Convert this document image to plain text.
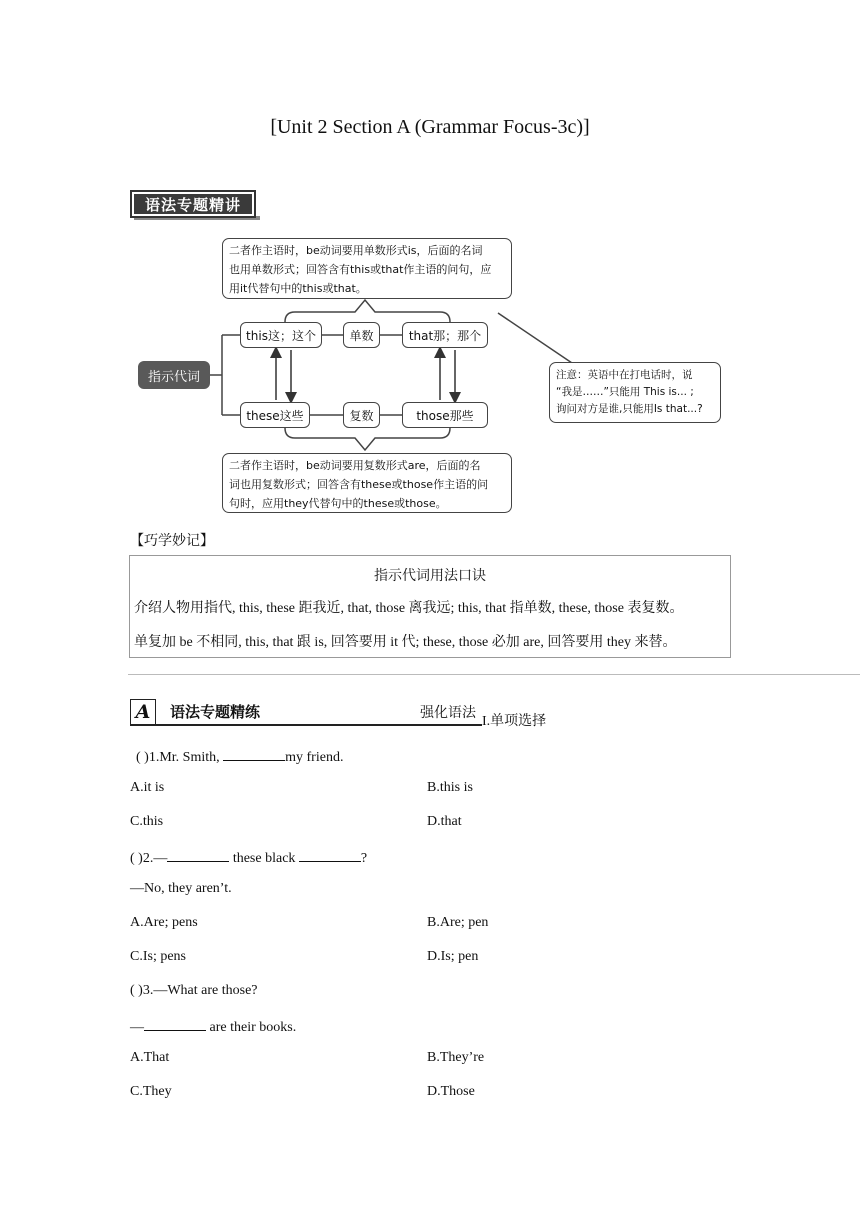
[Unit 2 Section A (Grammar Focus-3c)]
语法专题精讲
二者作主语时，be动词要用单数形式is，后面的名词
也用单数形式；回答含有this或that作主语的问句，应
用it代替句中的this或that。
二者作主语时，be动词要用复数形式are，后面的名
词也用复数形式；回答含有these或those作主语的问
句时，应用they代替句中的these或those。
注意：英语中在打电话时，说
“我是……”只能用 This is... ;
询问对方是谁,只能用Is that...?
指示代词
this这；这个	单数	that那；那个
these这些	复数	those那些
【巧学妙记】
指示代词用法口诀
介绍人物用指代, this, these 距我近, that, those 离我远; this, that 指单数, these, those 表复数。
单复加 be 不相同, this, that 跟 is, 回答要用 it 代; these, those 必加 are, 回答要用 they 来替。
A	语法专题精练	强化语法
I.单项选择
( )1.Mr. Smith,	my friend.
A.it is	B.this is
C.this	D.that
( )2.—	these black	?
—No, they aren’t.
A.Are; pens	B.Are; pen
C.Is; pens	D.Is; pen
( )3.—What are those?
—	are their books.
A.That	B.They’re
C.They	D.Those
